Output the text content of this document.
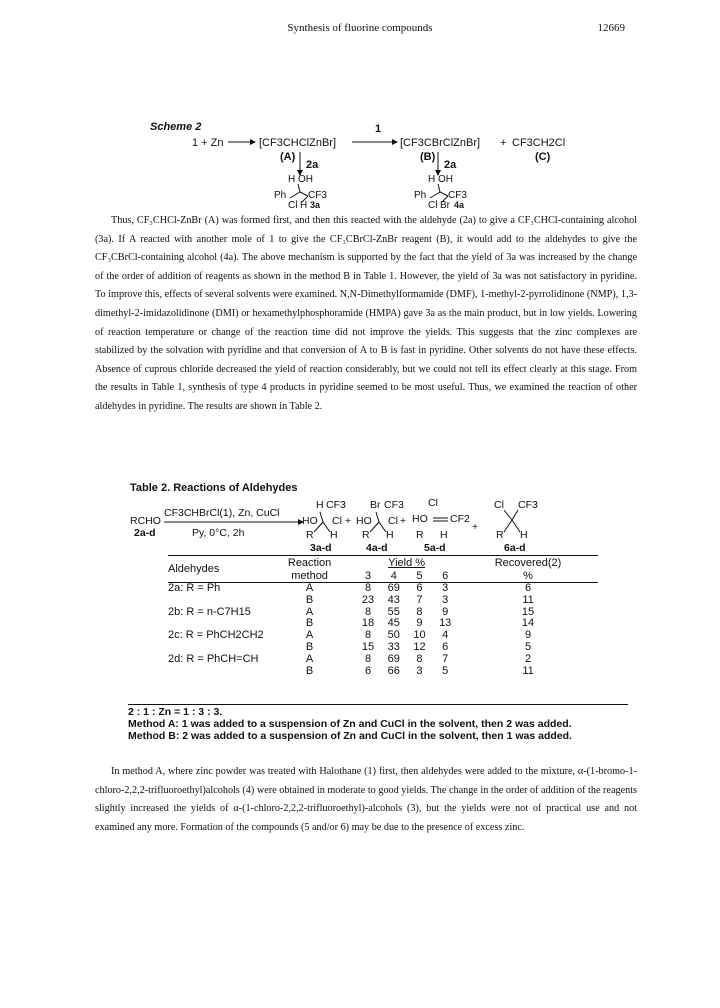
Synthesis of fluorine compounds	12669
Scheme 2
1 + Zn	[CF3CHClZnBr]
1
[CF3CBrClZnBr] + CF3CH2Cl
(A)	(B)	(C)
2a	2a
H OH
Ph CF3
Cl H 3a
H OH
Ph CF3
Cl Br 4a
Thus, CF₃CHCl-ZnBr (A) was formed first, and then this reacted with the aldehyde (2a) to give a CF₃CHCl-containing alcohol (3a). If A reacted with another mole of 1 to give the CF₃CBrCl-ZnBr reagent (B), it would add to the aldehydes to give the CF₃CBrCl-containing alcohol (4a). The above mechanism is supported by the fact that the yield of 3a was increased by the change of the order of addition of reagents as shown in the method B in Table 1. However, the yield of 3a was not satisfactory in pyridine. To improve this, effects of several solvents were examined. N,N-Dimethylformamide (DMF), 1-methyl-2-pyrrolidinone (NMP), 1,3-dimethyl-2-imidazolidinone (DMI) or hexamethylphosphoramide (HMPA) gave 3a as the main product, but in low yields. Lowering of reaction temperature or change of the reaction time did not improve the yields. This suggests that the zinc complexes are stabilized by the solvation with pyridine and that conversion of A to B is fast in pyridine. Other solvents do not have these effects. Absence of cuprous chloride decreased the yield of reaction considerably, but we could not tell its effect clearly at this stage. From the results in Table 1, synthesis of type 4 products in pyridine seemed to be most useful. Thus, we examined the reaction of other aldehydes in pyridine. The results are shown in Table 2.
Table 2. Reactions of Aldehydes
RCHO
2a-d
CF3CHBrCl(1), Zn, CuCl
Py, 0°C, 2h
H CF3
HO Cl
R H
3a-d
+
Br CF3
HO Cl
R H
4a-d
+
Cl
HO CF2
R H
5a-d
+
Cl CF3
R H
6a-d
Aldehydes	Reaction	Yield %				Recovered(2)
	method	3	4	5	6	%
2a: R = Ph	A	8	69	6	3	6
	B	23	43	7	3	11
2b: R = n-C7H15	A	8	55	8	9	15
	B	18	45	9	13	14
2c: R = PhCH2CH2	A	8	50	10	4	9
	B	15	33	12	6	5
2d: R = PhCH=CH	A	8	69	8	7	2
	B	6	66	3	5	11
2 : 1 : Zn = 1 : 3 : 3.
Method A: 1 was added to a suspension of Zn and CuCl in the solvent, then 2 was added.
Method B: 2 was added to a suspension of Zn and CuCl in the solvent, then 1 was added.
In method A, where zinc powder was treated with Halothane (1) first, then aldehydes were added to the mixture, α-(1-bromo-1-chloro-2,2,2-trifluoroethyl)alcohols (4) were obtained in moderate to good yields. The change in the order of addition of the reagents slightly increased the yields of α-(1-chloro-2,2,2-trifluoroethyl)-alcohols (3), but the yields were not of practical use and not examined any more. Formation of the compounds (5 and/or 6) may be due to the presence of excess zinc.
